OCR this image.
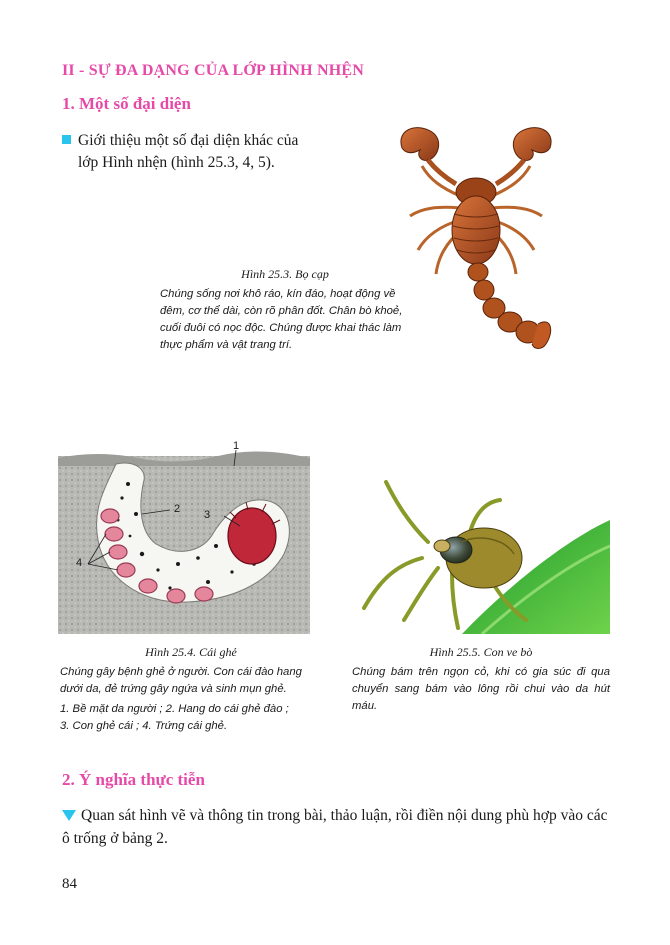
II - SỰ ĐA DẠNG CỦA LỚP HÌNH NHỆN
1. Một số đại diện
Giới thiệu một số đại diện khác của
lớp Hình nhện (hình 25.3, 4, 5).
Hình 25.3. Bọ cạp
Chúng sống nơi khô ráo, kín đáo, hoạt động về đêm, cơ thể dài, còn rõ phân đốt. Chân bò khoẻ, cuối đuôi có nọc độc. Chúng được khai thác làm thực phẩm và vật trang trí.
1
2 3
4
Hình 25.4. Cái ghẻ
Chúng gây bệnh ghẻ ở người. Con cái đào hang dưới da, đẻ trứng gây ngứa và sinh mụn ghẻ.
1. Bề mặt da người ; 2. Hang do cái ghẻ đào ;
3. Con ghẻ cái ; 4. Trứng cái ghẻ.
Hình 25.5. Con ve bò
Chúng bám trên ngọn cỏ, khi có gia súc đi qua chuyển sang bám vào lông rồi chui vào da hút máu.
2. Ý nghĩa thực tiễn
Quan sát hình vẽ và thông tin trong bài, thảo luận, rồi điền nội dung phù hợp vào các ô trống ở bảng 2.
84
